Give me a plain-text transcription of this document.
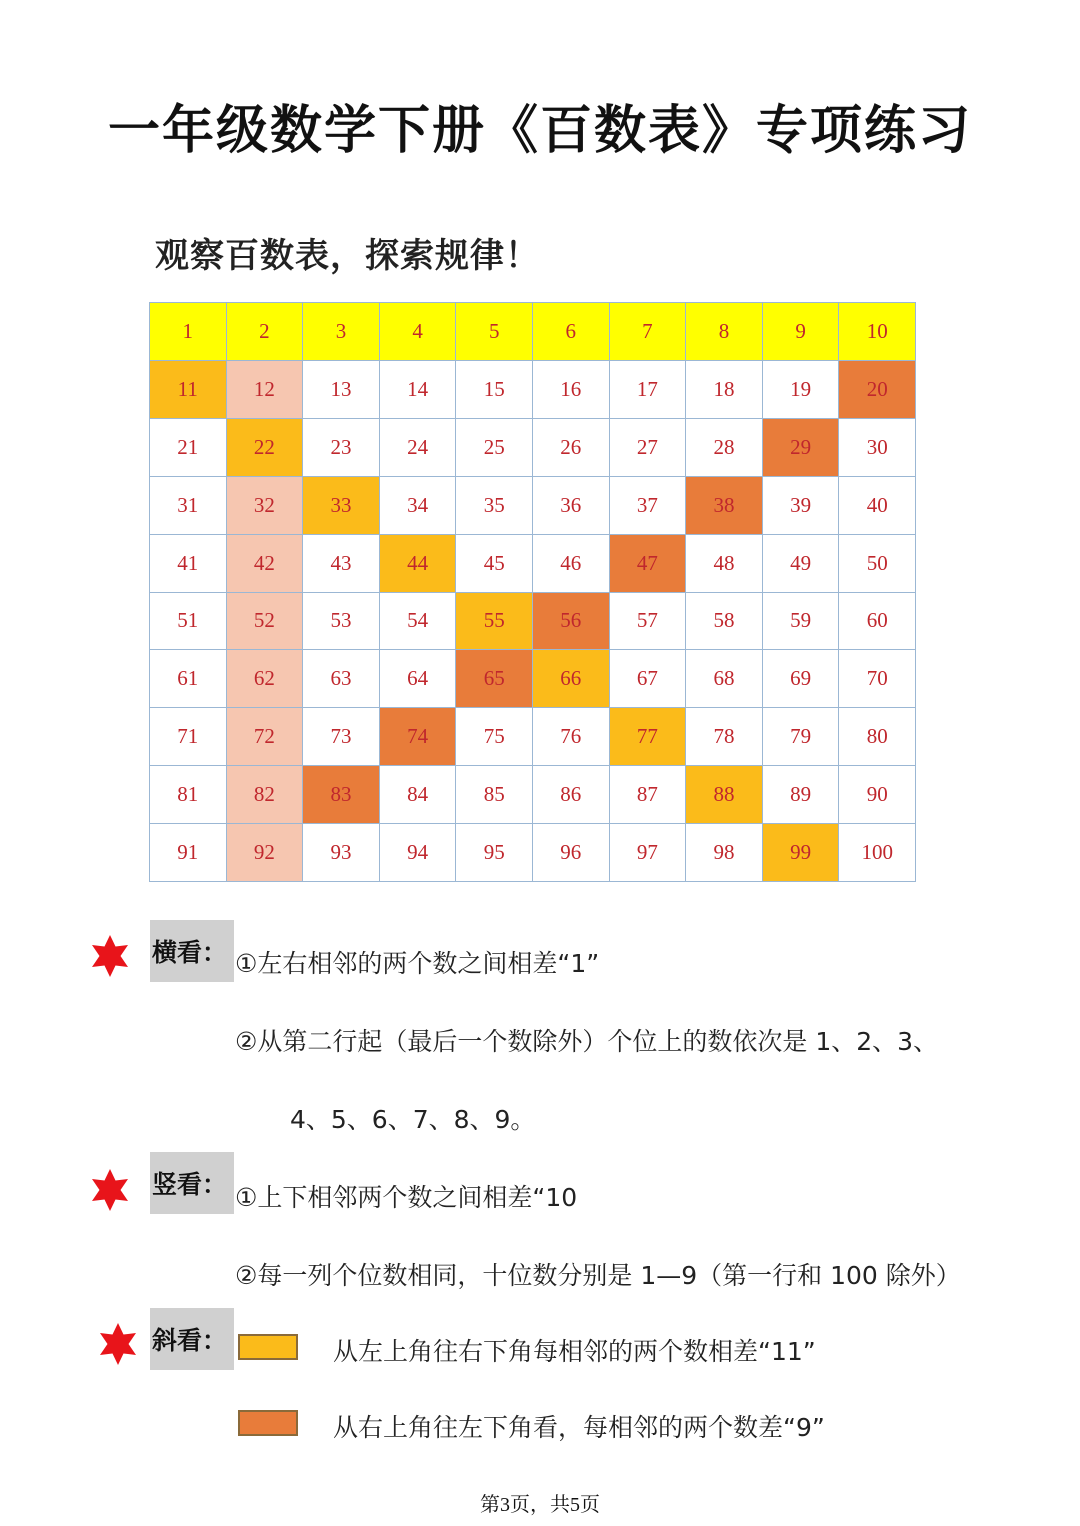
一年级数学下册《百数表》专项练习
观察百数表，探索规律！
1	2	3	4	5	6	7	8	9	10
11	12	13	14	15	16	17	18	19	20
21	22	23	24	25	26	27	28	29	30
31	32	33	34	35	36	37	38	39	40
41	42	43	44	45	46	47	48	49	50
51	52	53	54	55	56	57	58	59	60
61	62	63	64	65	66	67	68	69	70
71	72	73	74	75	76	77	78	79	80
81	82	83	84	85	86	87	88	89	90
91	92	93	94	95	96	97	98	99	100
横看： ①左右相邻的两个数之间相差“1”
②从第二行起（最后一个数除外）个位上的数依次是 1、2、3、
4、5、6、7、8、9。
竖看： ①上下相邻两个数之间相差“10
②每一列个位数相同，十位数分别是 1—9（第一行和 100 除外）
斜看：	从左上角往右下角每相邻的两个数相差“11”
从右上角往左下角看，每相邻的两个数差“9”
第3页，共5页
